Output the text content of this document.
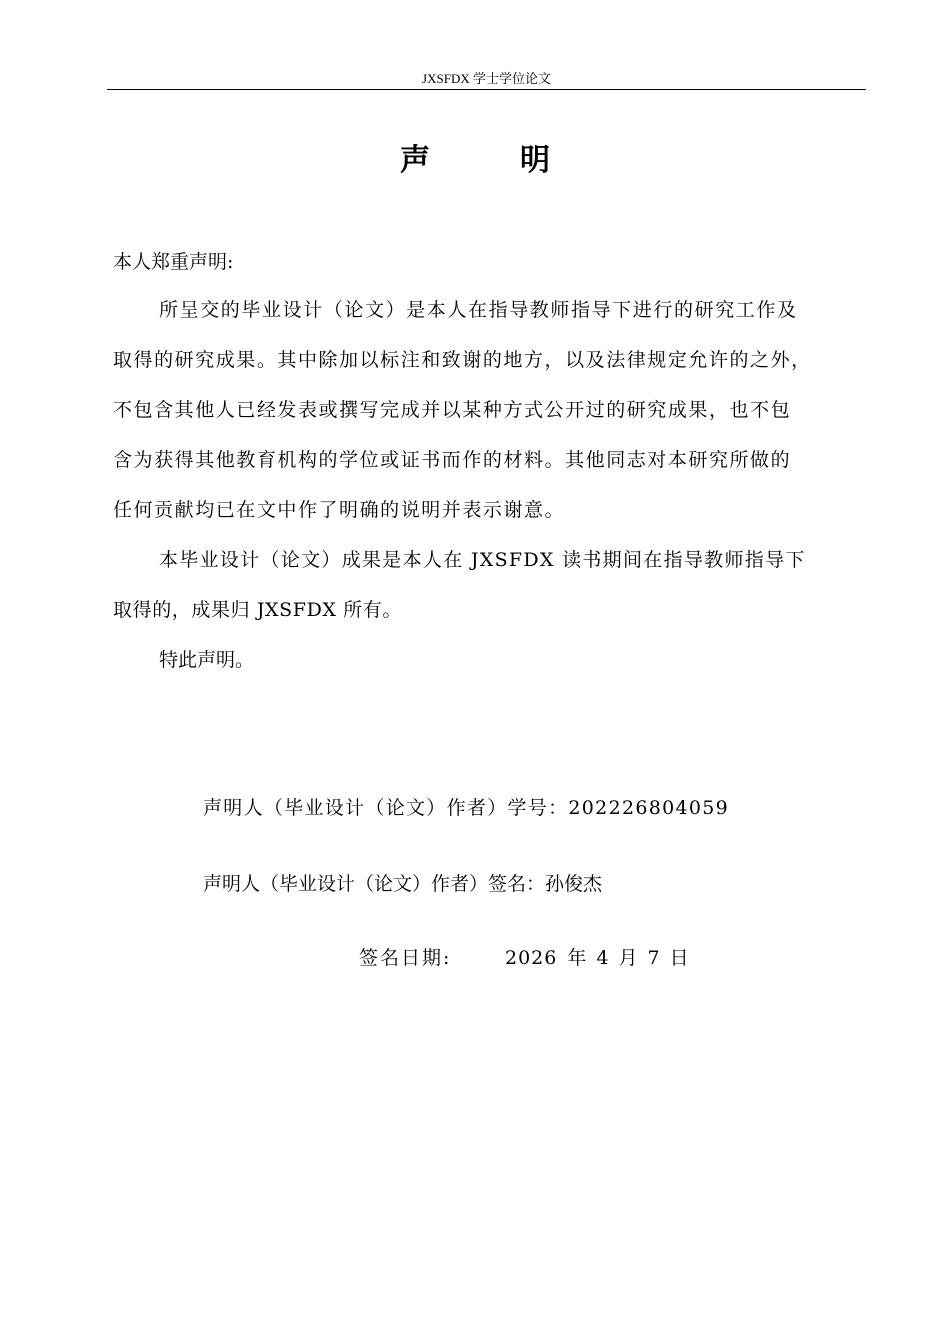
JXSFDX 学士学位论文
声明
本人郑重声明:
所呈交的毕业设计（论文）是本人在指导教师指导下进行的研究工作及
取得的研究成果。其中除加以标注和致谢的地方，以及法律规定允许的之外，
不包含其他人已经发表或撰写完成并以某种方式公开过的研究成果，也不包
含为获得其他教育机构的学位或证书而作的材料。其他同志对本研究所做的
任何贡献均已在文中作了明确的说明并表示谢意。
本毕业设计（论文）成果是本人在 JXSFDX 读书期间在指导教师指导下
取得的，成果归 JXSFDX 所有。
特此声明。
声明人（毕业设计（论文）作者）学号：202226804059
声明人（毕业设计（论文）作者）签名：孙俊杰
签名日期:	2026 年 4 月 7 日
